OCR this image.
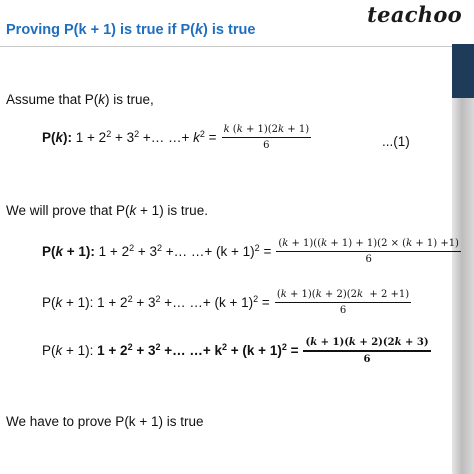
Proving P(k + 1) is true if P(k) is true
teachoo
Assume that P(k) is true,
P(k):
$1 + 2^2 + 3^2$ +… …+ $k^2 = \frac{k (k + 1)(2k + 1)}{6}$	...(1)
We will prove that P(k + 1) is true.
P(k + 1):
$1 + 2^2 + 3^2$ +… …+ $(k + 1)^2 = \frac{(k + 1)((k + 1) + 1)(2 \times (k + 1) +1)}{6}$
P(k + 1):
$1 + 2^2 + 3^2$ +… …+ $(k + 1)^2 = \frac{(k + 1)(k + 2)(2k + 2 +1)}{6}$
P(k + 1):
$1 + 2^2 + 3^2$ +… …+ $k^2 + (k + 1)^2 = \frac{(k + 1)(k + 2)(2k + 3)}{6}$
We have to prove P(k + 1) is true
